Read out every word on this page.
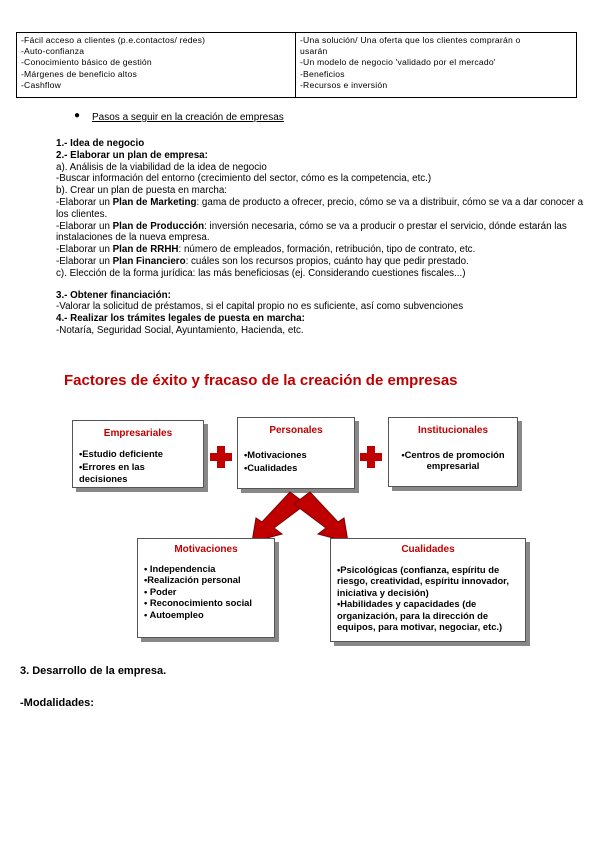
-Fácil acceso a clientes (p.e.contactos/ redes)
-Auto-confianza
-Conocimiento básico de gestión
-Márgenes de beneficio altos
-Cashflow
-Una solución/ Una oferta que los clientes comprarán o usarán
-Un modelo de negocio 'validado por el mercado'
-Beneficios
-Recursos e inversión
● Pasos a seguir en la creación de empresas
1.- Idea de negocio
2.- Elaborar un plan de empresa:
a). Análisis de la viabilidad de la idea de negocio
-Buscar información del entorno (crecimiento del sector, cómo es la competencia, etc.)
b). Crear un plan de puesta en marcha:
-Elaborar un Plan de Marketing: gama de producto a ofrecer, precio, cómo se va a distribuir, cómo se va a dar conocer a los clientes.
-Elaborar un Plan de Producción: inversión necesaria, cómo se va a producir o prestar el servicio, dónde estarán las instalaciones de la nueva empresa.
-Elaborar un Plan de RRHH: número de empleados, formación, retribución, tipo de contrato, etc.
-Elaborar un Plan Financiero: cuáles son los recursos propios, cuánto hay que pedir prestado.
c). Elección de la forma jurídica: las más beneficiosas (ej. Considerando cuestiones fiscales...)
3.- Obtener financiación:
-Valorar la solicitud de préstamos, si el capital propio no es suficiente, así como subvenciones
4.- Realizar los trámites legales de puesta en marcha:
-Notaría, Seguridad Social, Ayuntamiento, Hacienda, etc.
Factores de éxito y fracaso de la creación de empresas
Empresariales
•Estudio deficiente
•Errores en las decisiones
Personales
•Motivaciones
•Cualidades
Institucionales
•Centros de promoción empresarial
Motivaciones
• Independencia
•Realización personal
• Poder
• Reconocimiento social
• Autoempleo
Cualidades
•Psicológicas (confianza, espíritu de riesgo, creatividad, espíritu innovador, iniciativa y decisión)
•Habilidades y capacidades (de organización, para la dirección de equipos, para motivar, negociar, etc.)
3. Desarrollo de la empresa.
-Modalidades:
